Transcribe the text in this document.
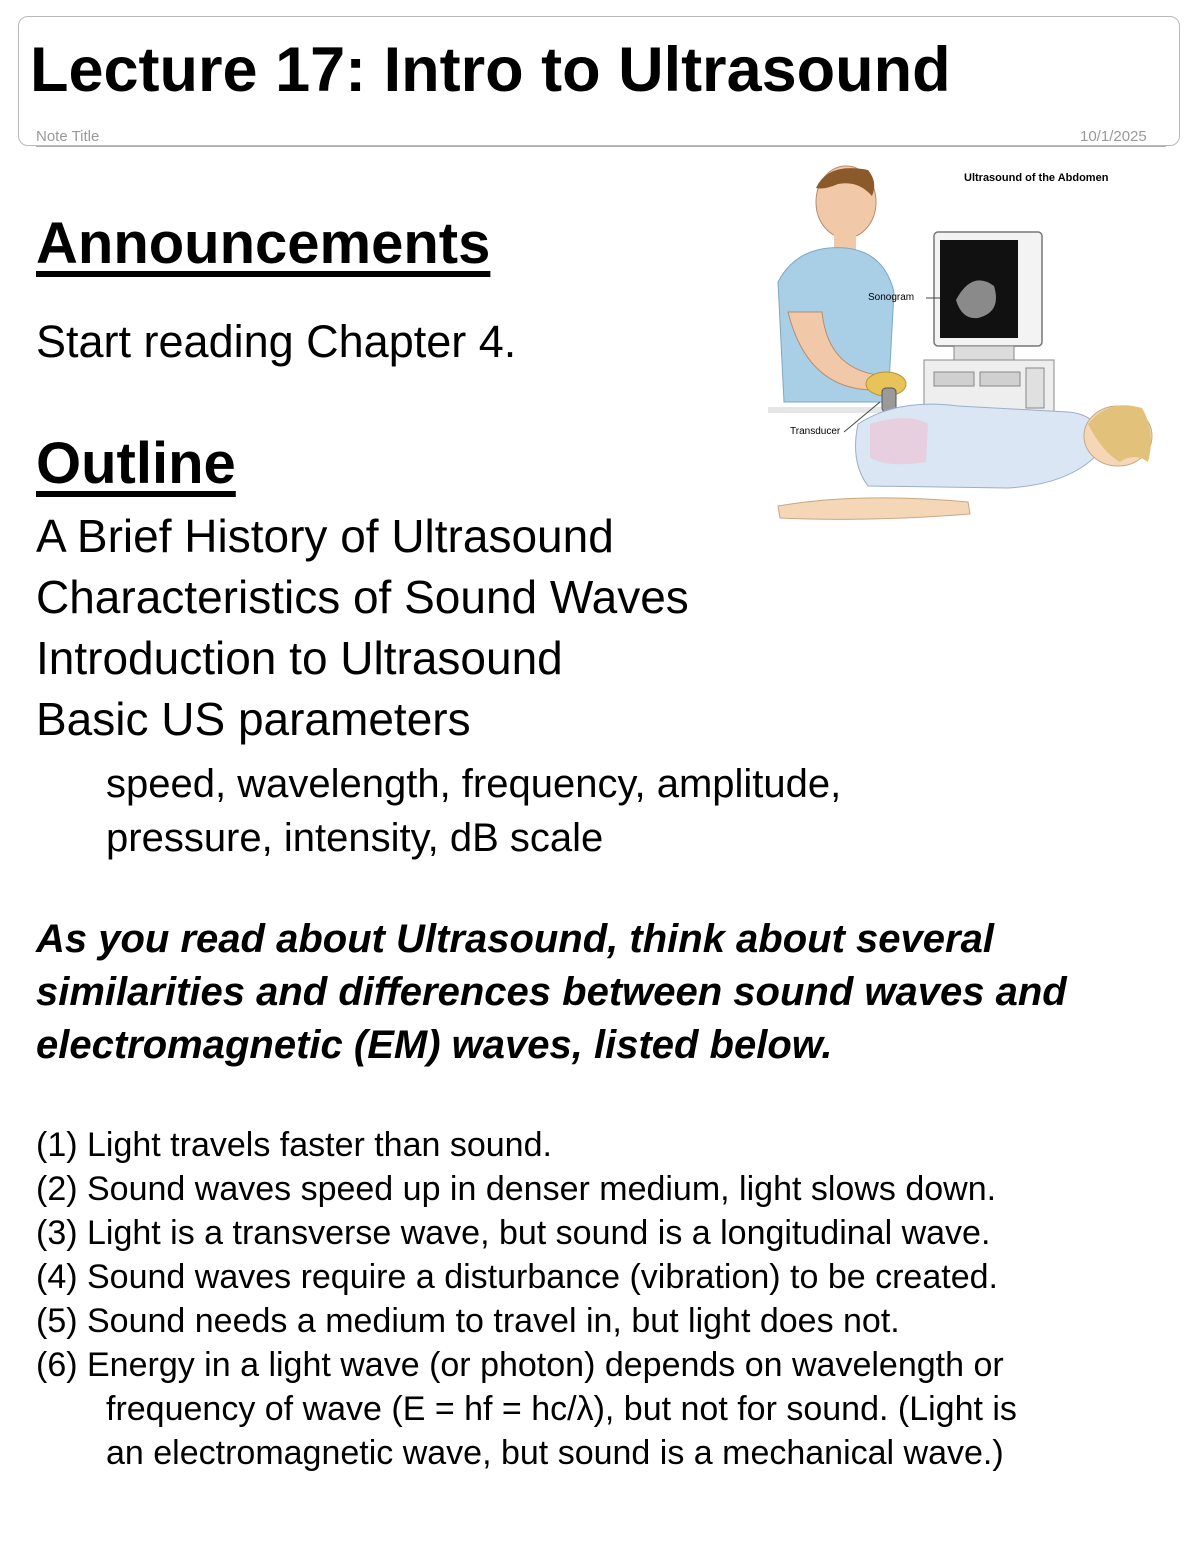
Lecture 17: Intro to Ultrasound
Note Title	10/1/2025
Announcements
Start reading Chapter 4.
Outline
A Brief History of Ultrasound
Characteristics of Sound Waves
Introduction to Ultrasound
Basic US parameters
speed, wavelength, frequency, amplitude,
pressure, intensity, dB scale

As you read about Ultrasound, think about several similarities and differences between sound waves and electromagnetic (EM) waves, listed below.

(1) Light travels faster than sound.
(2) Sound waves speed up in denser medium, light slows down.
(3) Light is a transverse wave, but sound is a longitudinal wave.
(4) Sound waves require a disturbance (vibration) to be created.
(5) Sound needs a medium to travel in, but light does not.
(6) Energy in a light wave (or photon) depends on wavelength or
frequency of wave (E = hf = hc/λ), but not for sound. (Light is
an electromagnetic wave, but sound is a mechanical wave.)
Ultrasound of the Abdomen
Sonogram
Transducer
